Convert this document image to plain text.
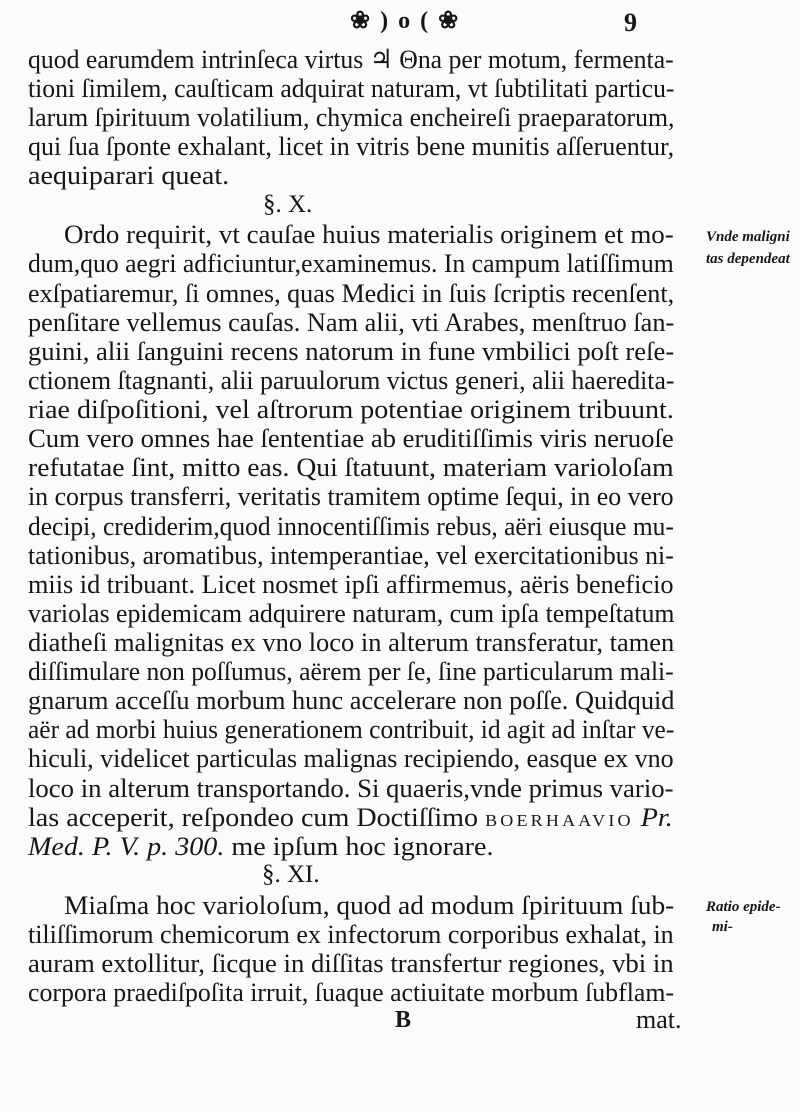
❀ ) o ( ❀	9
quod earumdem intrinſeca virtus ♃ Θna per motum, fermenta-
tioni ſimilem, cauſticam adquirat naturam, vt ſubtilitati particu-
larum ſpirituum volatilium, chymica encheireſi praeparatorum,
qui ſua ſponte exhalant, licet in vitris bene munitis aſſeruentur,
aequiparari queat.
§. X.
Ordo requirit, vt cauſae huius materialis originem et mo-
dum,quo aegri adficiuntur,examinemus. In campum latiſſimum
exſpatiaremur, ſi omnes, quas Medici in ſuis ſcriptis recenſent,
penſitare vellemus cauſas. Nam alii, vti Arabes, menſtruo ſan-
guini, alii ſanguini recens natorum in fune vmbilici poſt reſe-
ctionem ſtagnanti, alii paruulorum victus generi, alii haeredita-
riae diſpoſitioni, vel aſtrorum potentiae originem tribuunt.
Cum vero omnes hae ſententiae ab eruditiſſimis viris neruoſe
refutatae ſint, mitto eas. Qui ſtatuunt, materiam varioloſam
in corpus transferri, veritatis tramitem optime ſequi, in eo vero
decipi, crediderim,quod innocentiſſimis rebus, aëri eiusque mu-
tationibus, aromatibus, intemperantiae, vel exercitationibus ni-
miis id tribuant. Licet nosmet ipſi affirmemus, aëris beneficio
variolas epidemicam adquirere naturam, cum ipſa tempeſtatum
diatheſi malignitas ex vno loco in alterum transferatur, tamen
diſſimulare non poſſumus, aërem per ſe, ſine particularum mali-
gnarum acceſſu morbum hunc accelerare non poſſe. Quidquid
aër ad morbi huius generationem contribuit, id agit ad inſtar ve-
hiculi, videlicet particulas malignas recipiendo, easque ex vno
loco in alterum transportando. Si quaeris,vnde primus vario-
las acceperit, reſpondeo cum Doctiſſimo BOERHAAVIO Pr.
Med. P. V. p. 300. me ipſum hoc ignorare.
§. XI.
Miaſma hoc varioloſum, quod ad modum ſpirituum ſub-
tiliſſimorum chemicorum ex infectorum corporibus exhalat, in
auram extollitur, ſicque in diſſitas transfertur regiones, vbi in
corpora praediſpoſita irruit, ſuaque actiuitate morbum ſubflam-
B	mat.
Vnde maligni
tas dependeat
Ratio epide-
mi-
